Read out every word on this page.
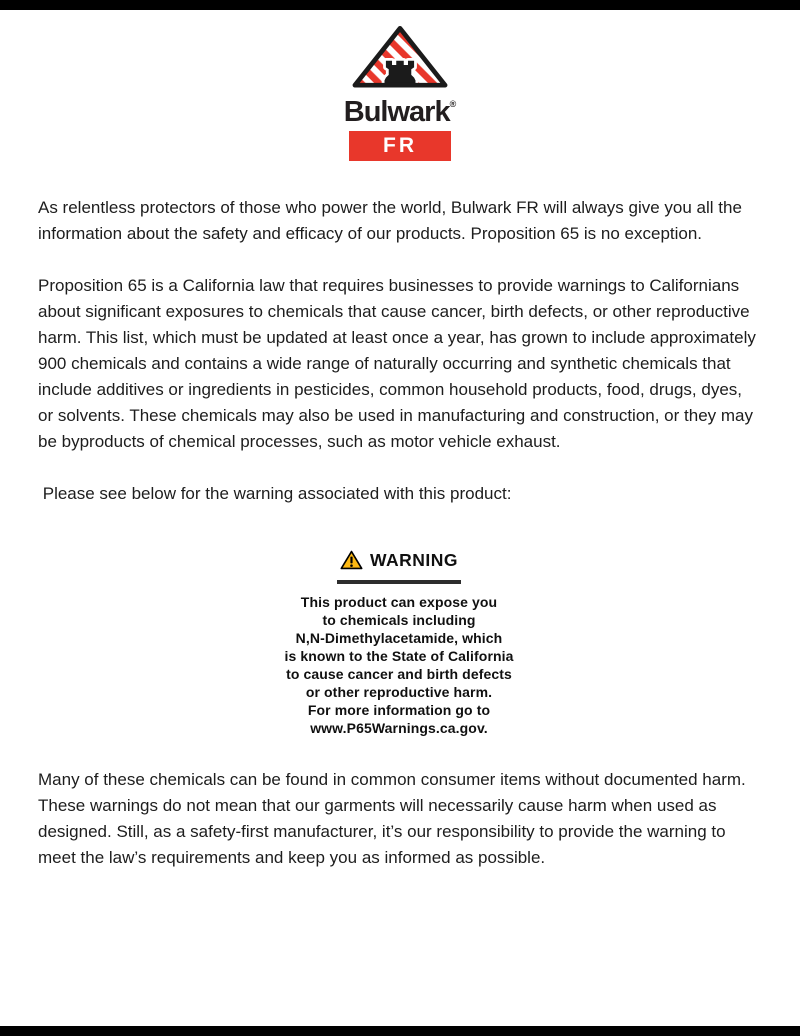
Bulwark®
FR

As relentless protectors of those who power the world, Bulwark FR will always give you all the information about the safety and efficacy of our products. Proposition 65 is no exception.

Proposition 65 is a California law that requires businesses to provide warnings to Californians about significant exposures to chemicals that cause cancer, birth defects, or other reproductive harm. This list, which must be updated at least once a year, has grown to include approximately 900 chemicals and contains a wide range of naturally occurring and synthetic chemicals that include additives or ingredients in pesticides, common household products, food, drugs, dyes, or solvents. These chemicals may also be used in manufacturing and construction, or they may be byproducts of chemical processes, such as motor vehicle exhaust.

Please see below for the warning associated with this product:

WARNING
This product can expose you
to chemicals including
N,N-Dimethylacetamide, which
is known to the State of California
to cause cancer and birth defects
or other reproductive harm.
For more information go to
www.P65Warnings.ca.gov.

Many of these chemicals can be found in common consumer items without documented harm. These warnings do not mean that our garments will necessarily cause harm when used as designed. Still, as a safety-first manufacturer, it’s our responsibility to provide the warning to meet the law’s requirements and keep you as informed as possible.
